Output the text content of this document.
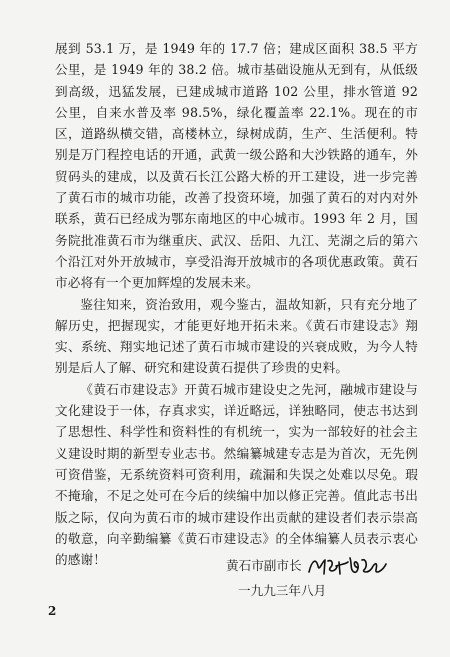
展到 53.1 万，是 1949 年的 17.7 倍；建成区面积 38.5 平方公里，是 1949 年的 38.2 倍。城市基础设施从无到有，从低级到高级，迅猛发展，已建成城市道路 102 公里，排水管道 92 公里，自来水普及率 98.5%，绿化覆盖率 22.1%。现在的市区，道路纵横交错，高楼林立，绿树成荫，生产、生活便利。特别是万门程控电话的开通，武黄一级公路和大沙铁路的通车，外贸码头的建成，以及黄石长江公路大桥的开工建设，进一步完善了黄石市的城市功能，改善了投资环境，加强了黄石的对内对外联系，黄石已经成为鄂东南地区的中心城市。1993 年 2 月，国务院批准黄石市为继重庆、武汉、岳阳、九江、芜湖之后的第六个沿江对外开放城市，享受沿海开放城市的各项优惠政策。黄石市必将有一个更加辉煌的发展未来。

鉴往知来，资治致用，观今鉴古，温故知新，只有充分地了解历史，把握现实，才能更好地开拓未来。《黄石市建设志》翔实、系统、翔实地记述了黄石市城市建设的兴衰成败，为今人特别是后人了解、研究和建设黄石提供了珍贵的史料。

《黄石市建设志》开黄石城市建设史之先河，融城市建设与文化建设于一体，存真求实，详近略远，详独略同，使志书达到了思想性、科学性和资料性的有机统一，实为一部较好的社会主义建设时期的新型专业志书。然编纂城建专志是为首次，无先例可资借鉴，无系统资料可资利用，疏漏和失误之处难以尽免。瑕不掩瑜，不足之处可在今后的续编中加以修正完善。值此志书出版之际，仅向为黄石市的城市建设作出贡献的建设者们表示崇高的敬意，向辛勤编纂《黄石市建设志》的全体编纂人员表示衷心的感谢！	黄石市副市长
一九九三年八月
2
